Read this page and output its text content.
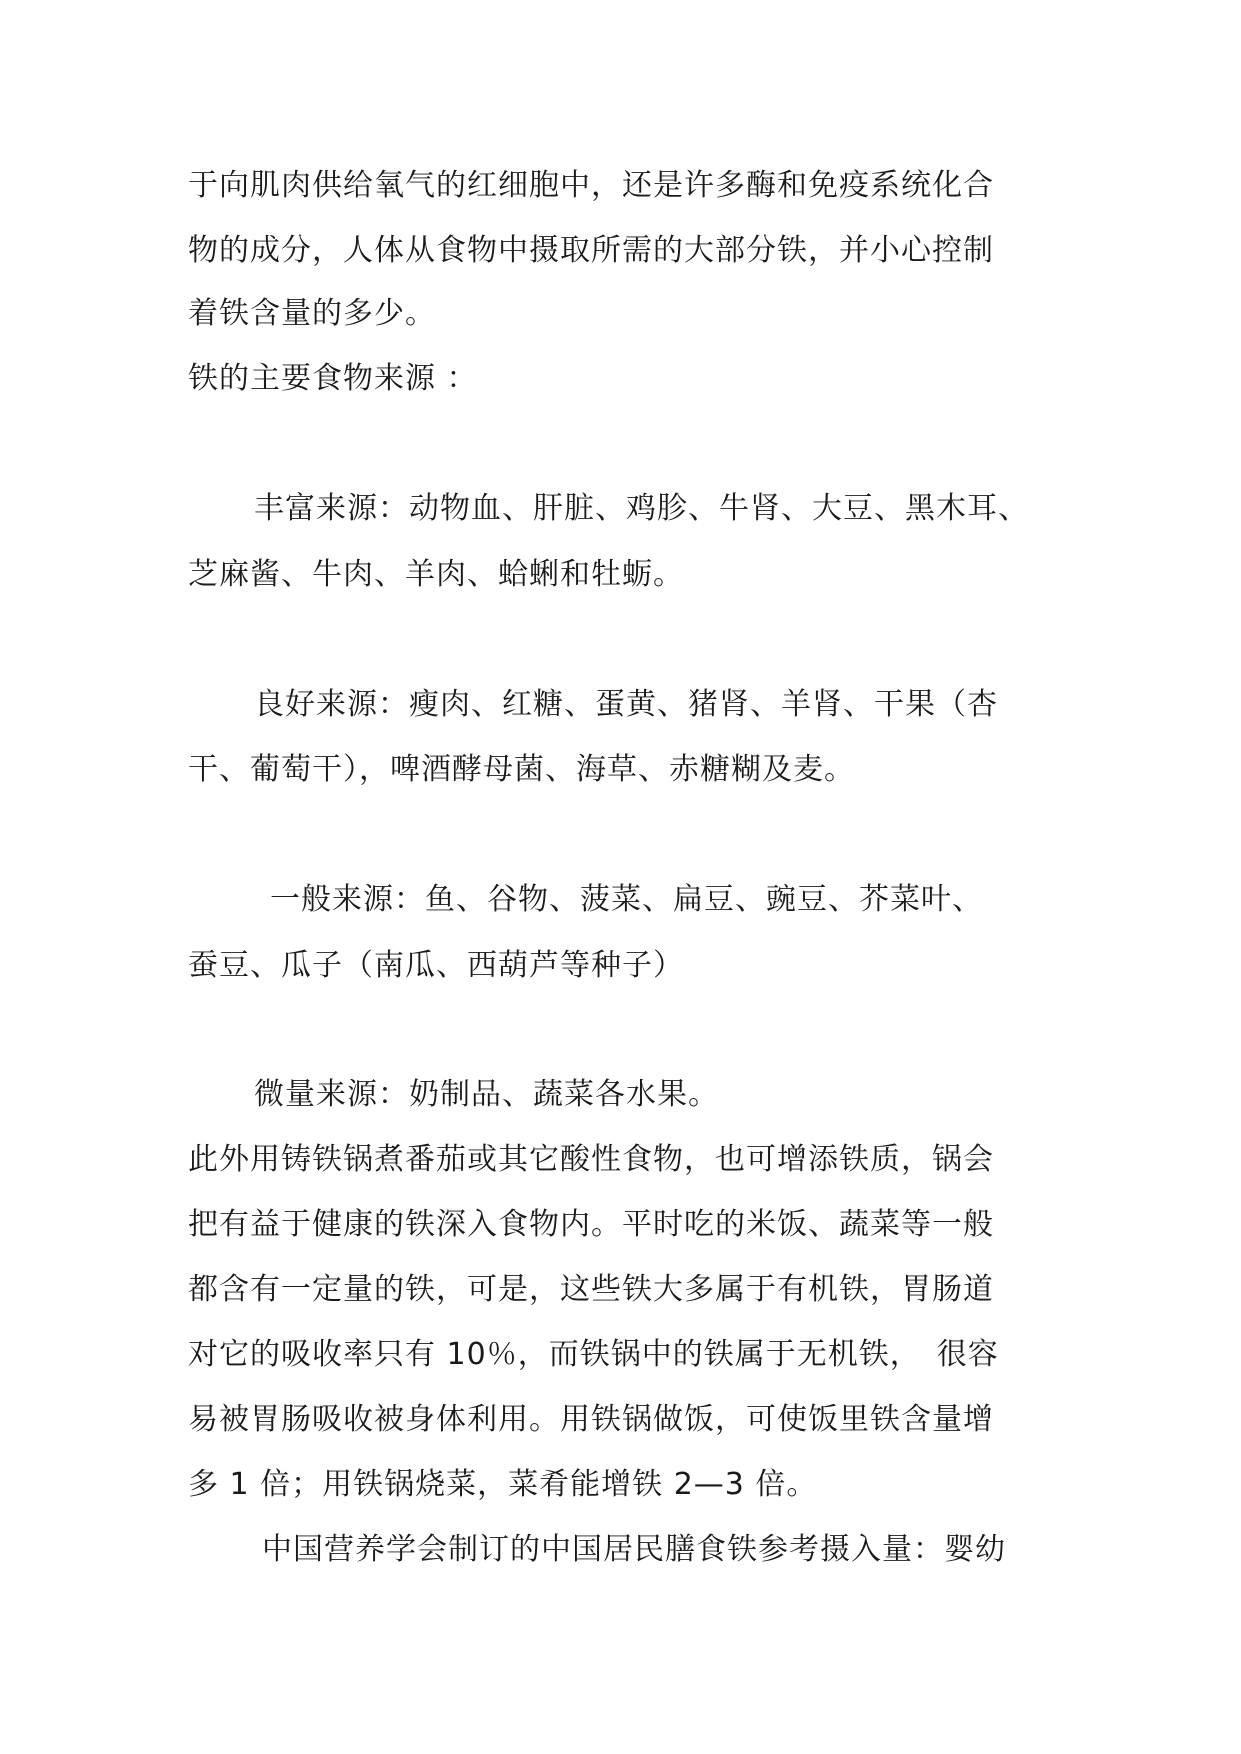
于向肌肉供给氧气的红细胞中，还是许多酶和免疫系统化合
物的成分，人体从食物中摄取所需的大部分铁，并小心控制
着铁含量的多少。
铁的主要食物来源 ：
丰富来源：动物血、肝脏、鸡胗、牛肾、大豆、黑木耳、
芝麻酱、牛肉、羊肉、蛤蜊和牡蛎。
良好来源：瘦肉、红糖、蛋黄、猪肾、羊肾、干果（杏
干、葡萄干），啤酒酵母菌、海草、赤糖糊及麦。
一般来源：鱼、谷物、菠菜、扁豆、豌豆、芥菜叶、
蚕豆、瓜子（南瓜、西葫芦等种子）
微量来源：奶制品、蔬菜各水果。
此外用铸铁锅煮番茄或其它酸性食物，也可增添铁质，锅会
把有益于健康的铁深入食物内。平时吃的米饭、蔬菜等一般
都含有一定量的铁，可是，这些铁大多属于有机铁，胃肠道
对它的吸收率只有 10％，而铁锅中的铁属于无机铁，　很容
易被胃肠吸收被身体利用。用铁锅做饭，可使饭里铁含量增
多 1 倍；用铁锅烧菜，菜肴能增铁 2—3 倍。
中国营养学会制订的中国居民膳食铁参考摄入量：婴幼
